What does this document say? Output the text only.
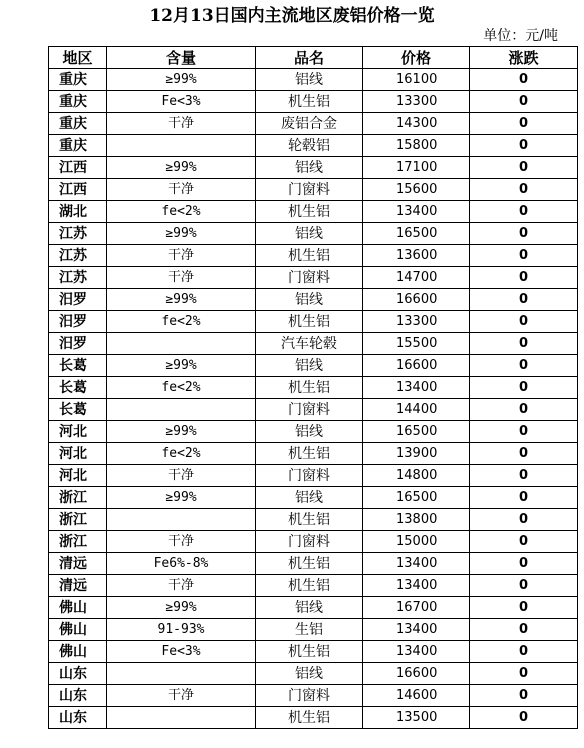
12月13日国内主流地区废铝价格一览
单位：元/吨
地区	含量	品名	价格	涨跌
重庆	≥99%	铝线	16100	0
重庆	Fe<3%	机生铝	13300	0
重庆	干净	废铝合金	14300	0
重庆		轮毂铝	15800	0
江西	≥99%	铝线	17100	0
江西	干净	门窗料	15600	0
湖北	fe<2%	机生铝	13400	0
江苏	≥99%	铝线	16500	0
江苏	干净	机生铝	13600	0
江苏	干净	门窗料	14700	0
汨罗	≥99%	铝线	16600	0
汨罗	fe<2%	机生铝	13300	0
汨罗		汽车轮毂	15500	0
长葛	≥99%	铝线	16600	0
长葛	fe<2%	机生铝	13400	0
长葛		门窗料	14400	0
河北	≥99%	铝线	16500	0
河北	fe<2%	机生铝	13900	0
河北	干净	门窗料	14800	0
浙江	≥99%	铝线	16500	0
浙江		机生铝	13800	0
浙江	干净	门窗料	15000	0
清远	Fe6%-8%	机生铝	13400	0
清远	干净	机生铝	13400	0
佛山	≥99%	铝线	16700	0
佛山	91-93%	生铝	13400	0
佛山	Fe<3%	机生铝	13400	0
山东		铝线	16600	0
山东	干净	门窗料	14600	0
山东		机生铝	13500	0
